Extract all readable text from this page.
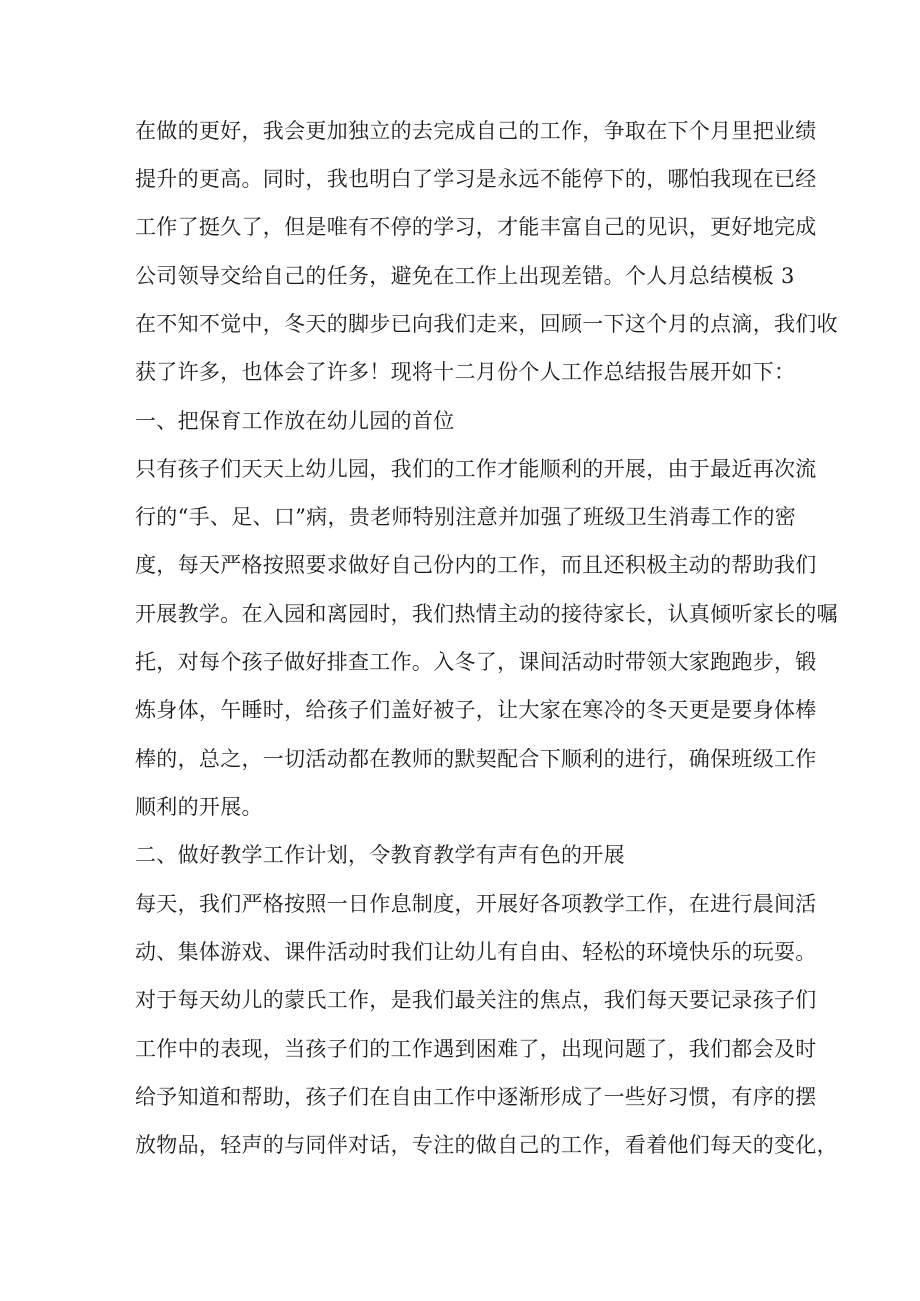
在做的更好，我会更加独立的去完成自己的工作，争取在下个月里把业绩
提升的更高。同时，我也明白了学习是永远不能停下的，哪怕我现在已经
工作了挺久了，但是唯有不停的学习，才能丰富自己的见识，更好地完成
公司领导交给自己的任务，避免在工作上出现差错。个人月总结模板 3
在不知不觉中，冬天的脚步已向我们走来，回顾一下这个月的点滴，我们收
获了许多，也体会了许多！现将十二月份个人工作总结报告展开如下：
一、把保育工作放在幼儿园的首位
只有孩子们天天上幼儿园，我们的工作才能顺利的开展，由于最近再次流
行的“手、足、口”病，贵老师特别注意并加强了班级卫生消毒工作的密
度，每天严格按照要求做好自己份内的工作，而且还积极主动的帮助我们
开展教学。在入园和离园时，我们热情主动的接待家长，认真倾听家长的嘱
托，对每个孩子做好排查工作。入冬了，课间活动时带领大家跑跑步，锻
炼身体，午睡时，给孩子们盖好被子，让大家在寒冷的冬天更是要身体棒
棒的，总之，一切活动都在教师的默契配合下顺利的进行，确保班级工作
顺利的开展。
二、做好教学工作计划，令教育教学有声有色的开展
每天，我们严格按照一日作息制度，开展好各项教学工作，在进行晨间活
动、集体游戏、课件活动时我们让幼儿有自由、轻松的环境快乐的玩耍。
对于每天幼儿的蒙氏工作，是我们最关注的焦点，我们每天要记录孩子们
工作中的表现，当孩子们的工作遇到困难了，出现问题了，我们都会及时
给予知道和帮助，孩子们在自由工作中逐渐形成了一些好习惯，有序的摆
放物品，轻声的与同伴对话，专注的做自己的工作，看着他们每天的变化，
